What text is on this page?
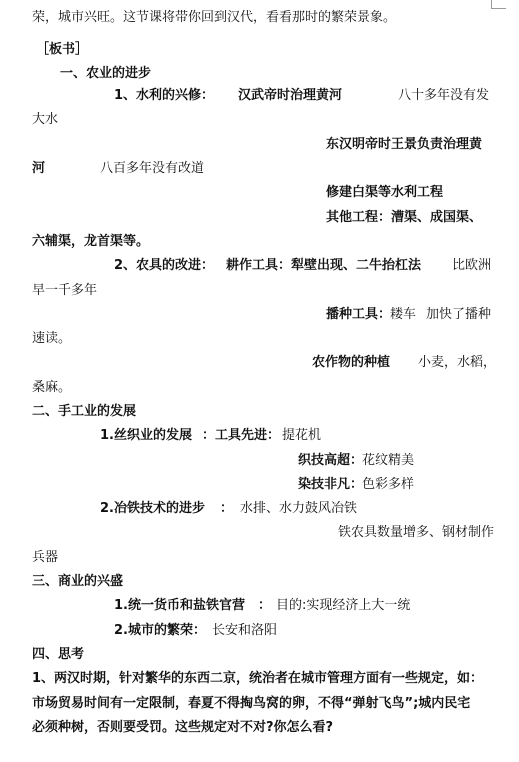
荣，城市兴旺。这节课将带你回到汉代，看看那时的繁荣景象。
［板书］
一、农业的进步
1、水利的兴修： 汉武帝时治理黄河	八十多年没有发
大水
东汉明帝时王景负责治理黄
河	八百多年没有改道
修建白渠等水利工程
其他工程：漕渠、成国渠、
六辅渠，龙首渠等。
2、农具的改进： 耕作工具：犁壁出现、二牛抬杠法 比欧洲
早一千多年
播种工具：
耧车 加快了播种
速读。
农作物的种植 小麦，水稻，
桑麻。
二、手工业的发展
1.丝织业的发展 ：工具先进： 提花机
织技高超：
花纹精美
染技非凡：
色彩多样
2.冶铁技术的进步 ： 水排、水力鼓风冶铁
铁农具数量增多、钢材制作
兵器
三、商业的兴盛
1.统一货币和盐铁官营 ： 目的:实现经济上大一统
2.城市的繁荣： 长安和洛阳
四、思考
1、两汉时期，针对繁华的东西二京，统治者在城市管理方面有一些规定，如：
市场贸易时间有一定限制，春夏不得掏鸟窝的卵，不得“弹射飞鸟”;城内民宅
必须种树，否则要受罚。这些规定对不对?你怎么看?
